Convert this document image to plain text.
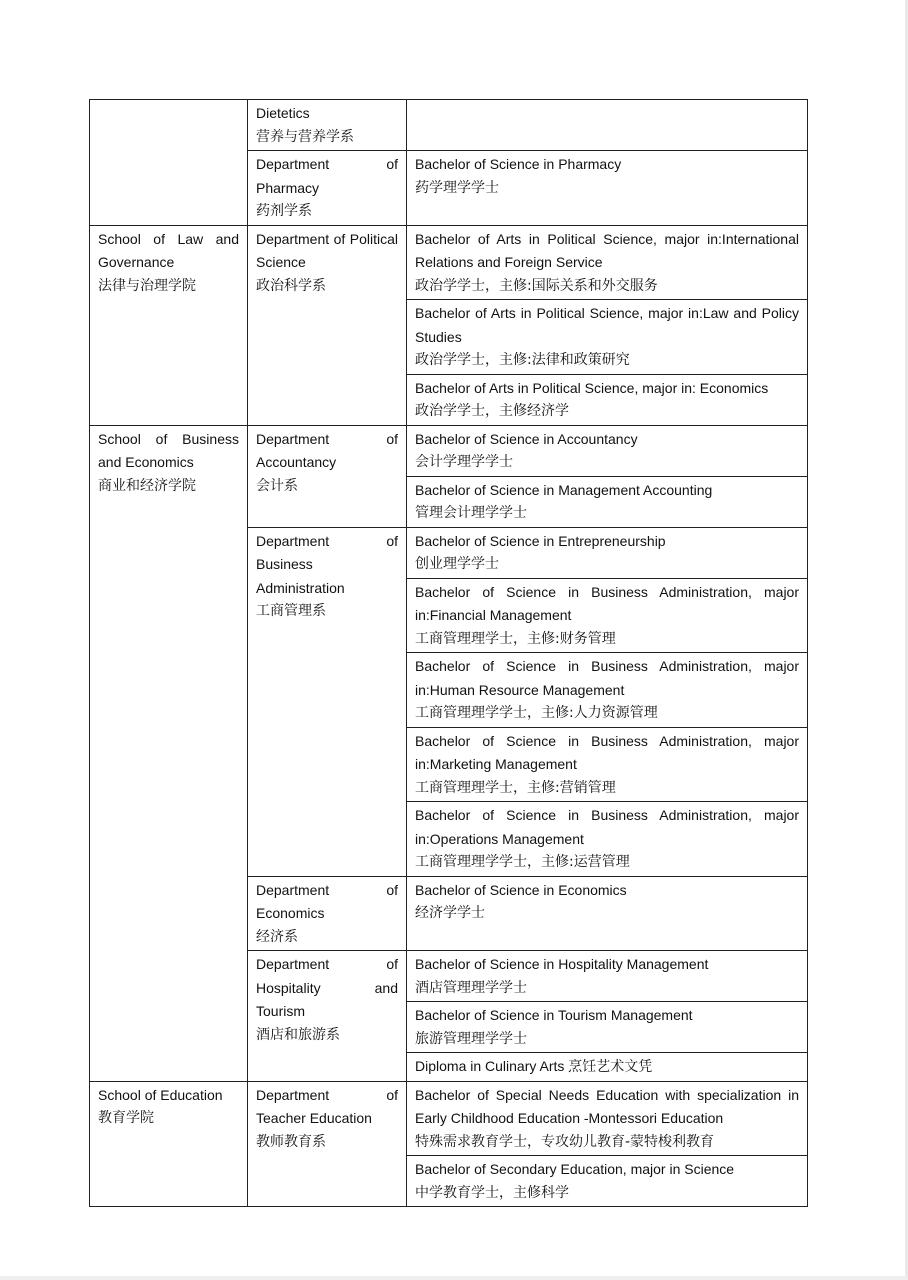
	Dietetics
营养与营养学系	

	Department of Pharmacy
药剂学系	Bachelor of Science in Pharmacy
药学理学学士

School of Law and Governance
法律与治理学院	Department of Political Science
政治科学系	Bachelor of Arts in Political Science, major in:International Relations and Foreign Service
政治学学士，主修:国际关系和外交服务

		Bachelor of Arts in Political Science, major in:Law and Policy Studies
政治学学士，主修:法律和政策研究

		Bachelor of Arts in Political Science, major in: Economics
政治学学士，主修经济学

School of Business and Economics
商业和经济学院	Department of Accountancy
会计系	Bachelor of Science in Accountancy
会计学理学学士

		Bachelor of Science in Management Accounting
管理会计理学学士

	Department of Business Administration
工商管理系	Bachelor of Science in Entrepreneurship
创业理学学士

		Bachelor of Science in Business Administration, major in:Financial Management
工商管理理学士，主修:财务管理

		Bachelor of Science in Business Administration, major in:Human Resource Management
工商管理理学学士，主修:人力资源管理

		Bachelor of Science in Business Administration, major in:Marketing Management
工商管理理学士，主修:营销管理

		Bachelor of Science in Business Administration, major in:Operations Management
工商管理理学学士，主修:运营管理

	Department of Economics
经济系	Bachelor of Science in Economics
经济学学士

	Department of Hospitality and Tourism
酒店和旅游系	Bachelor of Science in Hospitality Management
酒店管理理学学士

		Bachelor of Science in Tourism Management
旅游管理理学学士

		Diploma in Culinary Arts 烹饪艺术文凭

School of Education
教育学院	Department of Teacher Education
教师教育系	Bachelor of Special Needs Education with specialization in Early Childhood Education -Montessori Education
特殊需求教育学士，专攻幼儿教育-蒙特梭利教育

		Bachelor of Secondary Education, major in Science
中学教育学士，主修科学
